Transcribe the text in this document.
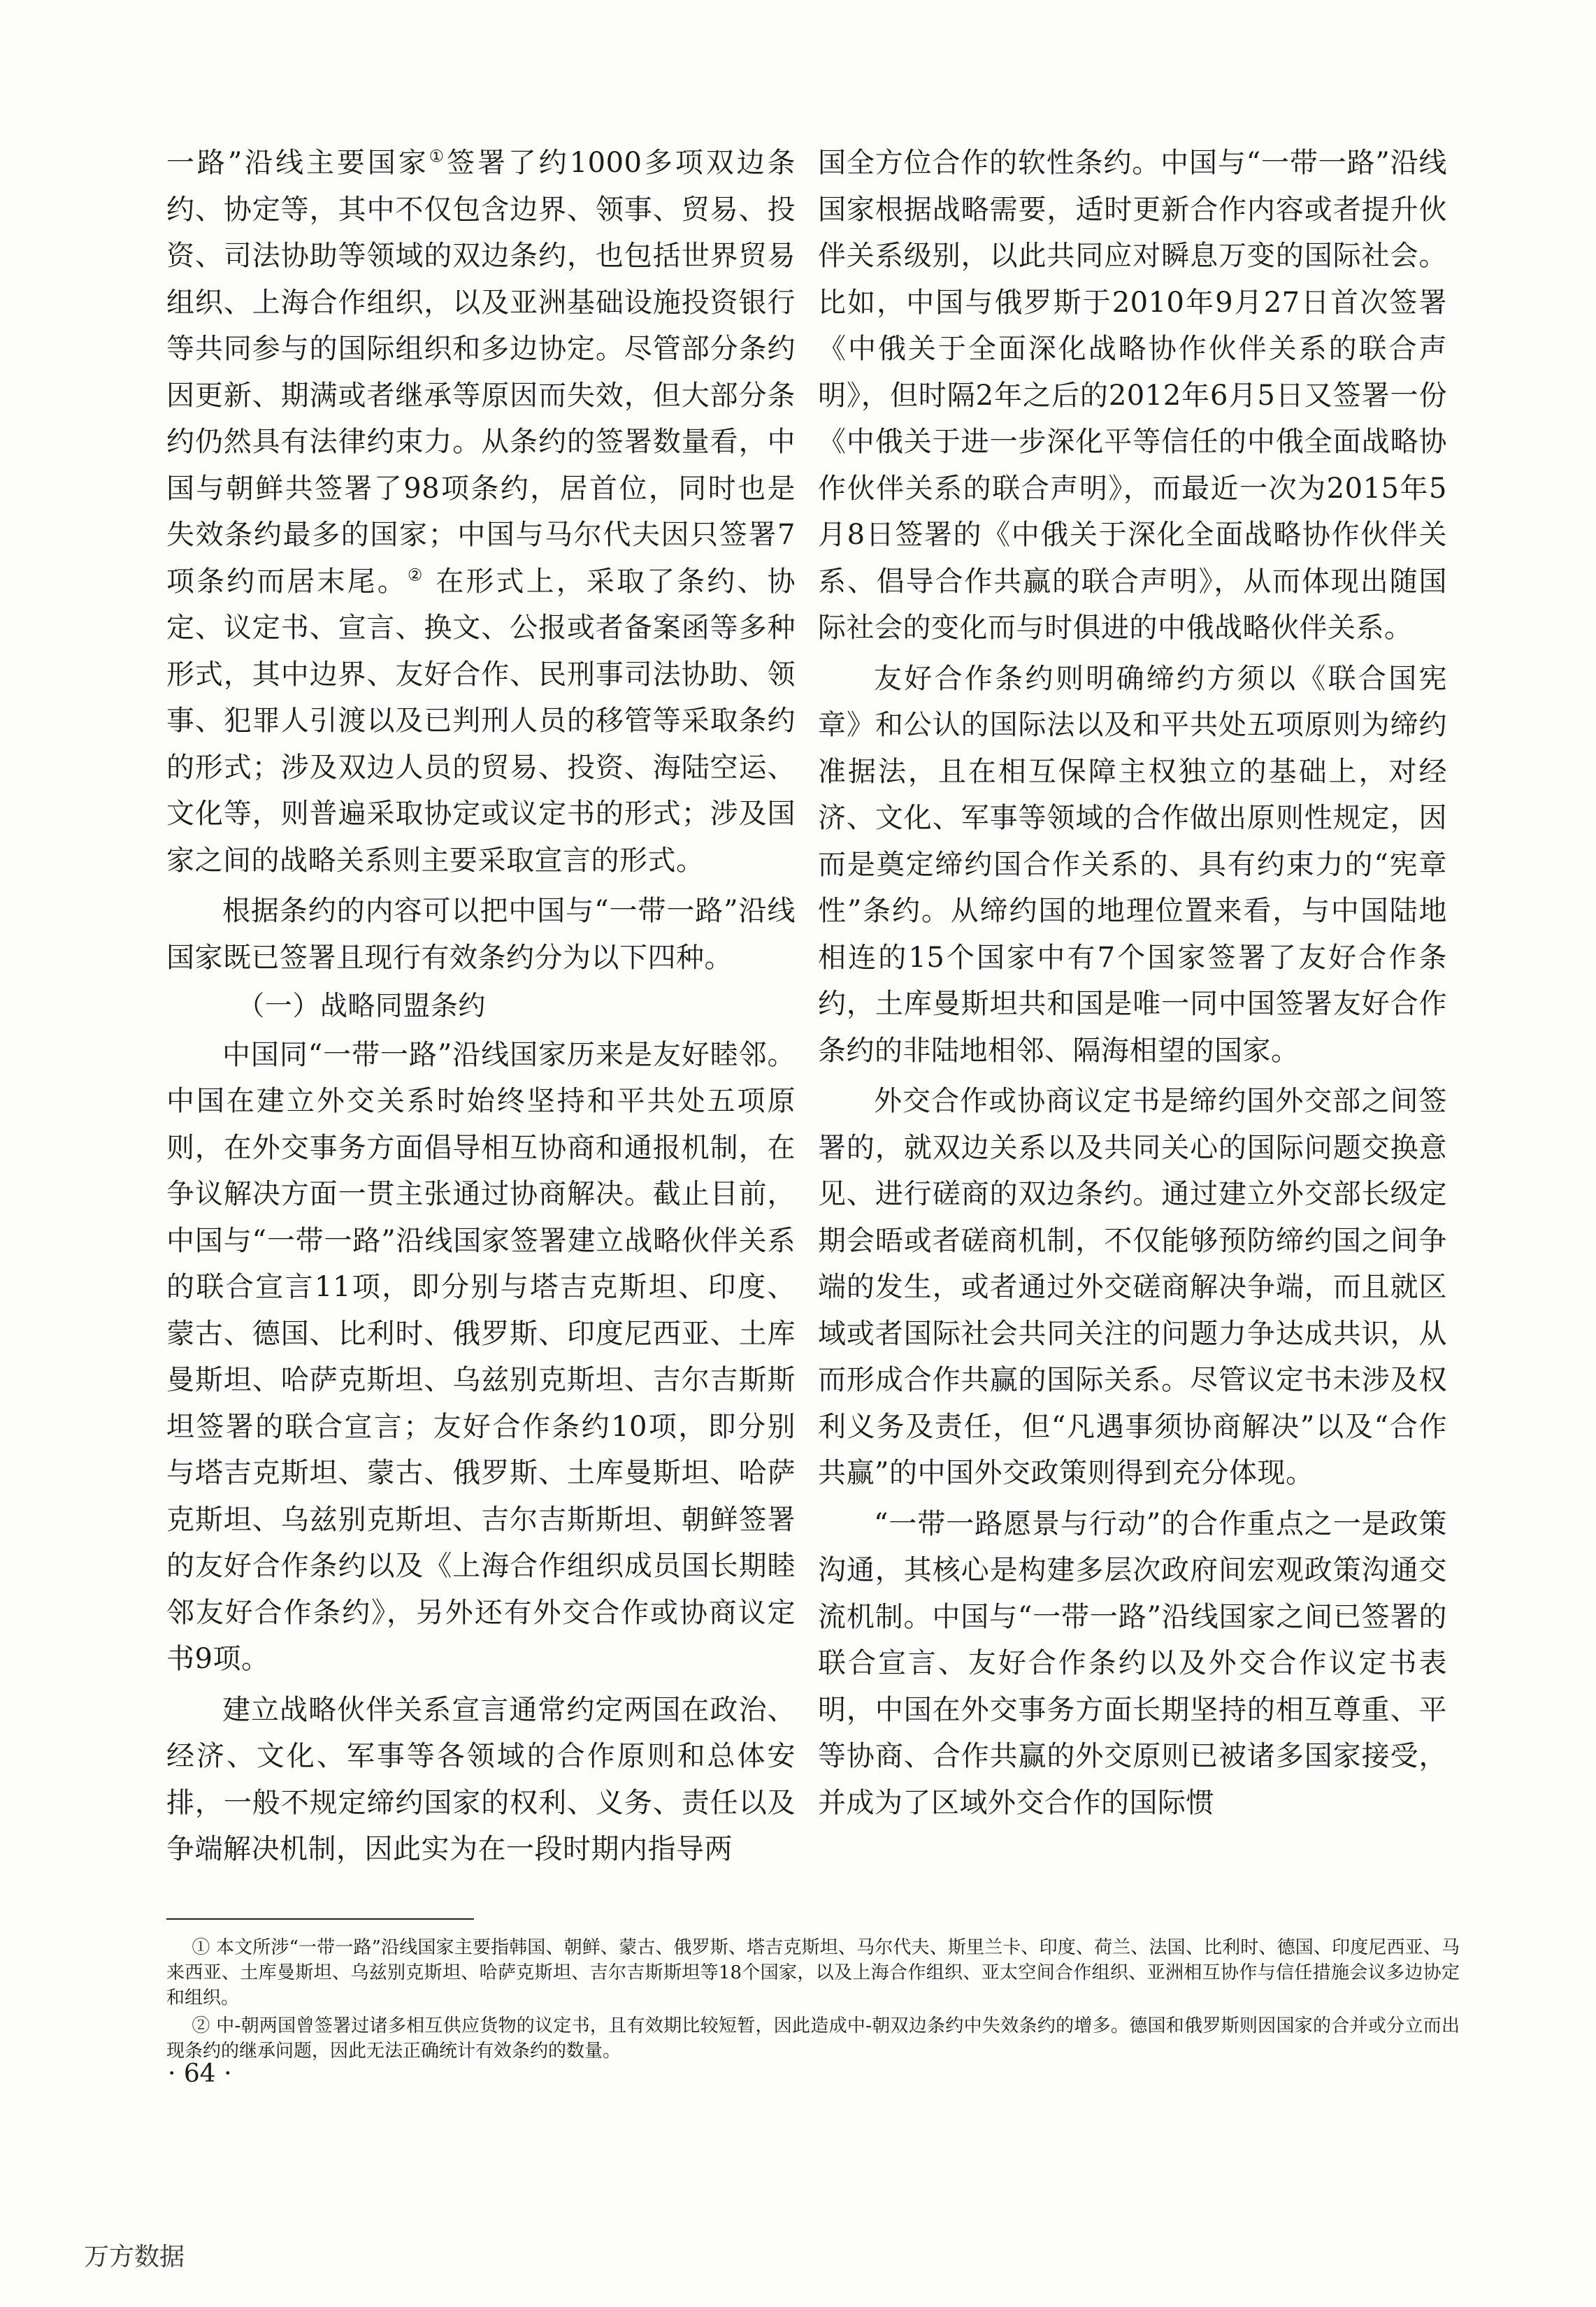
一路”沿线主要国家①签署了约1000多项双边条约、协定等，其中不仅包含边界、领事、贸易、投资、司法协助等领域的双边条约，也包括世界贸易组织、上海合作组织，以及亚洲基础设施投资银行等共同参与的国际组织和多边协定。尽管部分条约因更新、期满或者继承等原因而失效，但大部分条约仍然具有法律约束力。从条约的签署数量看，中国与朝鲜共签署了98项条约，居首位，同时也是失效条约最多的国家；中国与马尔代夫因只签署7项条约而居末尾。② 在形式上，采取了条约、协定、议定书、宣言、换文、公报或者备案函等多种形式，其中边界、友好合作、民刑事司法协助、领事、犯罪人引渡以及已判刑人员的移管等采取条约的形式；涉及双边人员的贸易、投资、海陆空运、文化等，则普遍采取协定或议定书的形式；涉及国家之间的战略关系则主要采取宣言的形式。

根据条约的内容可以把中国与“一带一路”沿线国家既已签署且现行有效条约分为以下四种。

（一）战略同盟条约

中国同“一带一路”沿线国家历来是友好睦邻。中国在建立外交关系时始终坚持和平共处五项原则，在外交事务方面倡导相互协商和通报机制，在争议解决方面一贯主张通过协商解决。截止目前，中国与“一带一路”沿线国家签署建立战略伙伴关系的联合宣言11项，即分别与塔吉克斯坦、印度、蒙古、德国、比利时、俄罗斯、印度尼西亚、土库曼斯坦、哈萨克斯坦、乌兹别克斯坦、吉尔吉斯斯坦签署的联合宣言；友好合作条约10项，即分别与塔吉克斯坦、蒙古、俄罗斯、土库曼斯坦、哈萨克斯坦、乌兹别克斯坦、吉尔吉斯斯坦、朝鲜签署的友好合作条约以及《上海合作组织成员国长期睦邻友好合作条约》，另外还有外交合作或协商议定书9项。

建立战略伙伴关系宣言通常约定两国在政治、经济、文化、军事等各领域的合作原则和总体安排，一般不规定缔约国家的权利、义务、责任以及争端解决机制，因此实为在一段时期内指导两

国全方位合作的软性条约。中国与“一带一路”沿线国家根据战略需要，适时更新合作内容或者提升伙伴关系级别，以此共同应对瞬息万变的国际社会。比如，中国与俄罗斯于2010年9月27日首次签署《中俄关于全面深化战略协作伙伴关系的联合声明》，但时隔2年之后的2012年6月5日又签署一份《中俄关于进一步深化平等信任的中俄全面战略协作伙伴关系的联合声明》，而最近一次为2015年5月8日签署的《中俄关于深化全面战略协作伙伴关系、倡导合作共赢的联合声明》，从而体现出随国际社会的变化而与时俱进的中俄战略伙伴关系。

友好合作条约则明确缔约方须以《联合国宪章》和公认的国际法以及和平共处五项原则为缔约准据法，且在相互保障主权独立的基础上，对经济、文化、军事等领域的合作做出原则性规定，因而是奠定缔约国合作关系的、具有约束力的“宪章性”条约。从缔约国的地理位置来看，与中国陆地相连的15个国家中有7个国家签署了友好合作条约，土库曼斯坦共和国是唯一同中国签署友好合作条约的非陆地相邻、隔海相望的国家。

外交合作或协商议定书是缔约国外交部之间签署的，就双边关系以及共同关心的国际问题交换意见、进行磋商的双边条约。通过建立外交部长级定期会晤或者磋商机制，不仅能够预防缔约国之间争端的发生，或者通过外交磋商解决争端，而且就区域或者国际社会共同关注的问题力争达成共识，从而形成合作共赢的国际关系。尽管议定书未涉及权利义务及责任，但“凡遇事须协商解决”以及“合作共赢”的中国外交政策则得到充分体现。

“一带一路愿景与行动”的合作重点之一是政策沟通，其核心是构建多层次政府间宏观政策沟通交流机制。中国与“一带一路”沿线国家之间已签署的联合宣言、友好合作条约以及外交合作议定书表明，中国在外交事务方面长期坚持的相互尊重、平等协商、合作共赢的外交原则已被诸多国家接受，并成为了区域外交合作的国际惯

① 本文所涉“一带一路”沿线国家主要指韩国、朝鲜、蒙古、俄罗斯、塔吉克斯坦、马尔代夫、斯里兰卡、印度、荷兰、法国、比利时、德国、印度尼西亚、马来西亚、土库曼斯坦、乌兹别克斯坦、哈萨克斯坦、吉尔吉斯斯坦等18个国家，以及上海合作组织、亚太空间合作组织、亚洲相互协作与信任措施会议多边协定和组织。

② 中-朝两国曾签署过诸多相互供应货物的议定书，且有效期比较短暂，因此造成中-朝双边条约中失效条约的增多。德国和俄罗斯则因国家的合并或分立而出现条约的继承问题，因此无法正确统计有效条约的数量。

· 64 ·
万方数据
